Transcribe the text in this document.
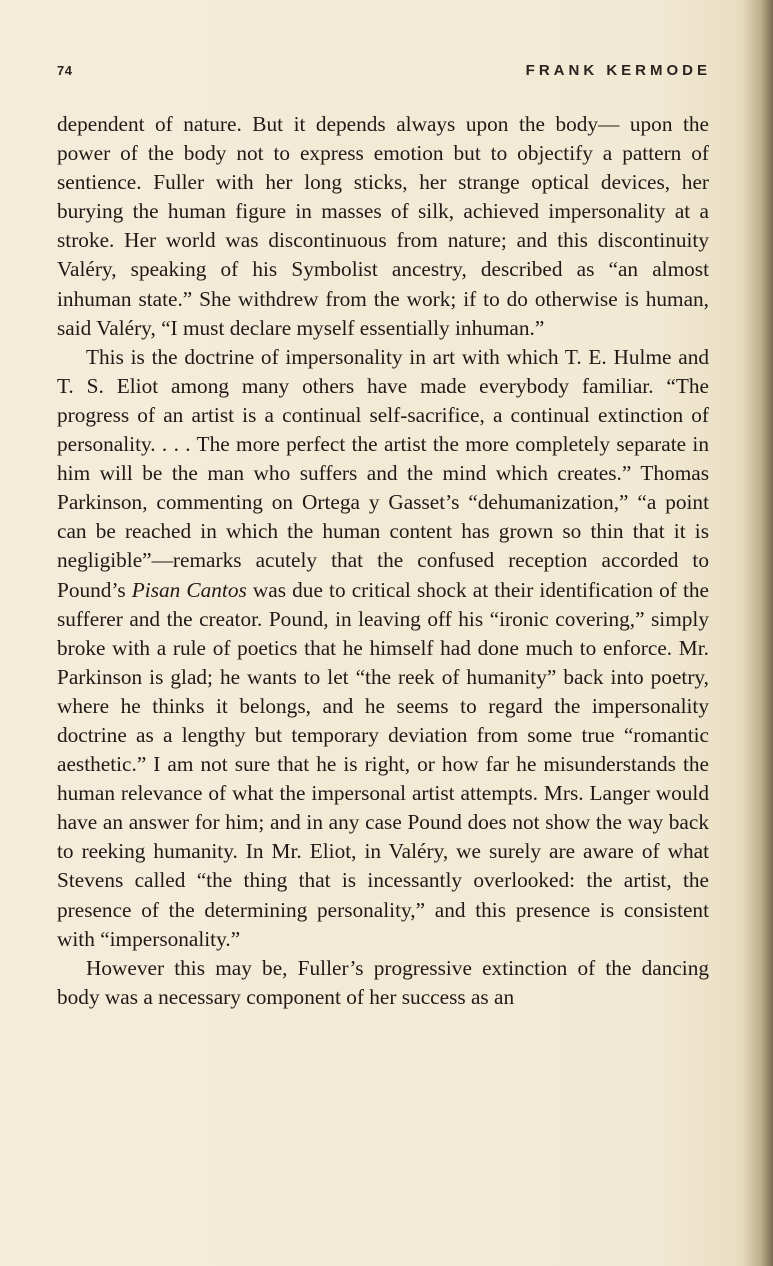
74	FRANK KERMODE

dependent of nature. But it depends always upon the body— upon the power of the body not to express emotion but to objectify a pattern of sentience. Fuller with her long sticks, her strange optical devices, her burying the human figure in masses of silk, achieved impersonality at a stroke. Her world was discontinuous from nature; and this discontinuity Valéry, speaking of his Symbolist ancestry, described as “an almost inhuman state.” She withdrew from the work; if to do otherwise is human, said Valéry, “I must declare myself essentially inhuman.”

This is the doctrine of impersonality in art with which T. E. Hulme and T. S. Eliot among many others have made everybody familiar. “The progress of an artist is a continual self-sacrifice, a continual extinction of personality. . . . The more perfect the artist the more completely separate in him will be the man who suffers and the mind which creates.” Thomas Parkinson, commenting on Ortega y Gasset’s “dehumanization,” “a point can be reached in which the human content has grown so thin that it is negligible”—remarks acutely that the confused reception accorded to Pound’s Pisan Cantos was due to critical shock at their identification of the sufferer and the creator. Pound, in leaving off his “ironic covering,” simply broke with a rule of poetics that he himself had done much to enforce. Mr. Parkinson is glad; he wants to let “the reek of humanity” back into poetry, where he thinks it belongs, and he seems to regard the impersonality doctrine as a lengthy but temporary deviation from some true “romantic aesthetic.” I am not sure that he is right, or how far he misunderstands the human relevance of what the impersonal artist attempts. Mrs. Langer would have an answer for him; and in any case Pound does not show the way back to reeking humanity. In Mr. Eliot, in Valéry, we surely are aware of what Stevens called “the thing that is incessantly overlooked: the artist, the presence of the determining personality,” and this presence is consistent with “impersonality.”

However this may be, Fuller’s progressive extinction of the dancing body was a necessary component of her success as an
